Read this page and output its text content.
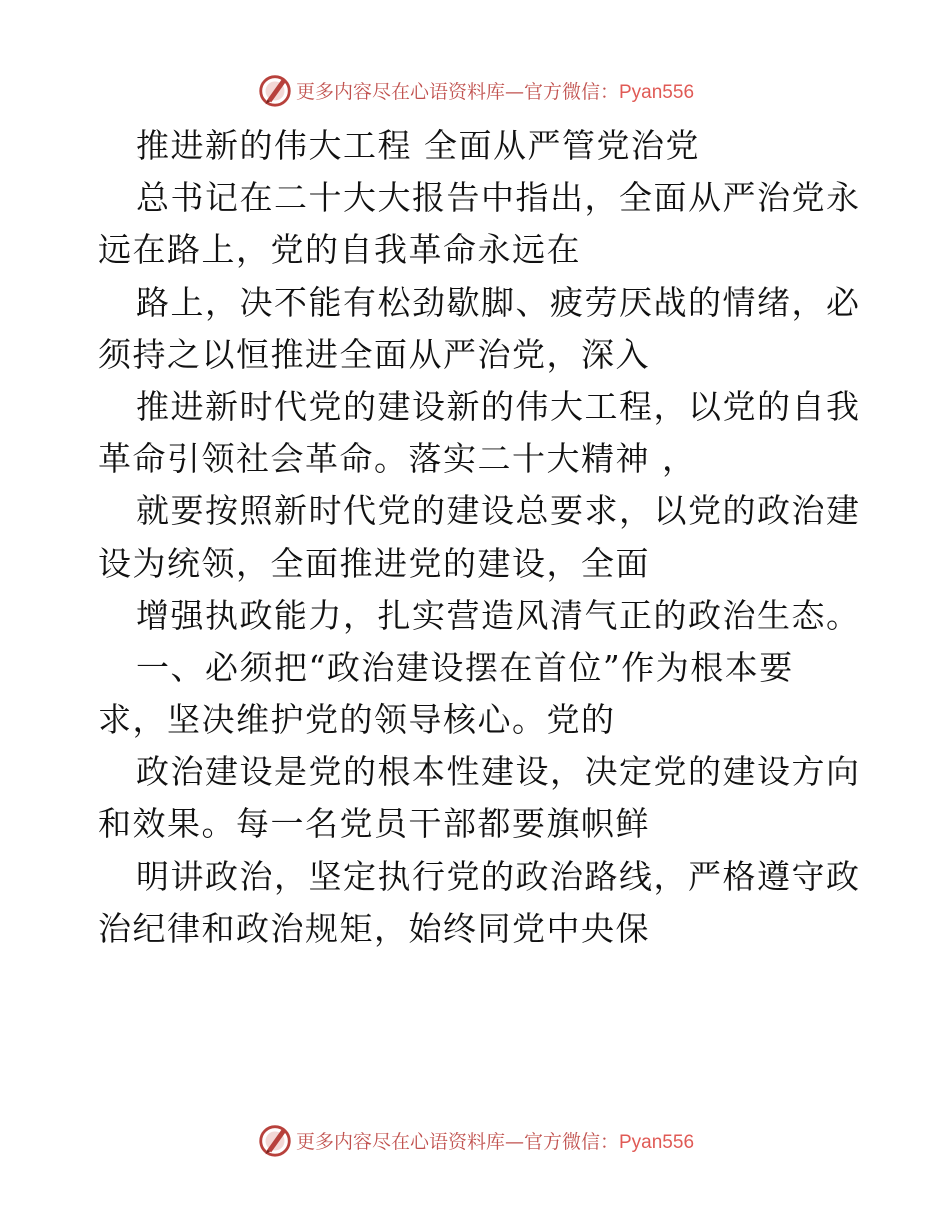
更多内容尽在心语资料库—官方微信：Pyan556
推进新的伟大工程 全面从严管党治党
总书记在二十大大报告中指出，全面从严治党永
远在路上，党的自我革命永远在
路上，决不能有松劲歇脚、疲劳厌战的情绪，必
须持之以恒推进全面从严治党，深入
推进新时代党的建设新的伟大工程，以党的自我
革命引领社会革命。落实二十大精神 ，
就要按照新时代党的建设总要求，以党的政治建
设为统领，全面推进党的建设，全面
增强执政能力，扎实营造风清气正的政治生态。
一、必须把“政治建设摆在首位”作为根本要
求，坚决维护党的领导核心。党的
政治建设是党的根本性建设，决定党的建设方向
和效果。每一名党员干部都要旗帜鲜
明讲政治，坚定执行党的政治路线，严格遵守政
治纪律和政治规矩，始终同党中央保
更多内容尽在心语资料库—官方微信：Pyan556
